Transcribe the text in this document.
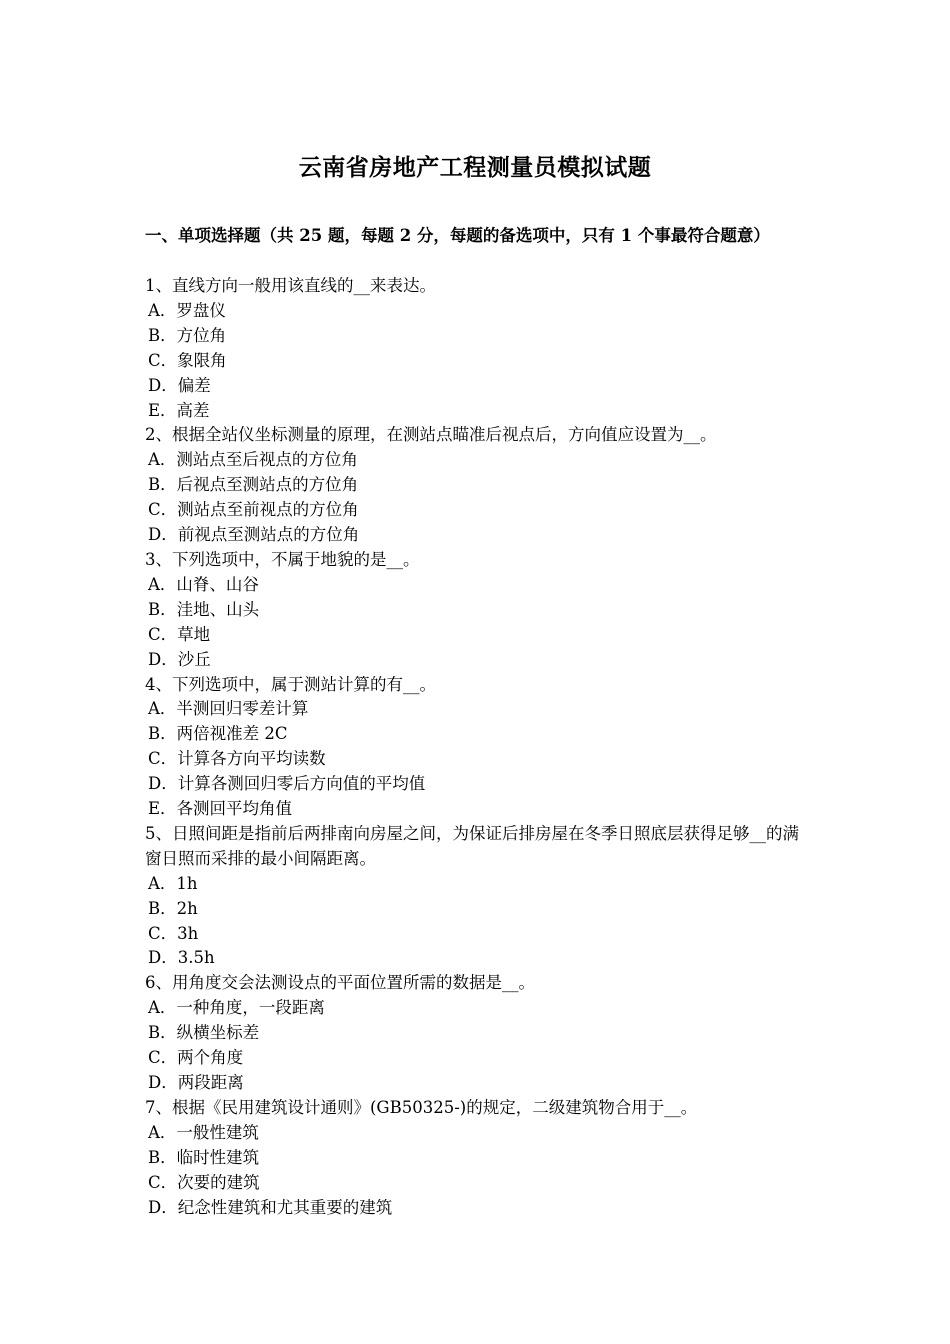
云南省房地产工程测量员模拟试题
一、单项选择题（共 25 题，每题 2 分，每题的备选项中，只有 1 个事最符合题意）

1、直线方向一般用该直线的__来表达。

A．罗盘仪

B．方位角

C．象限角

D．偏差

E．高差

2、根据全站仪坐标测量的原理，在测站点瞄准后视点后，方向值应设置为__。

A．测站点至后视点的方位角

B．后视点至测站点的方位角

C．测站点至前视点的方位角

D．前视点至测站点的方位角

3、下列选项中，不属于地貌的是__。

A．山脊、山谷

B．洼地、山头

C．草地

D．沙丘

4、下列选项中，属于测站计算的有__。

A．半测回归零差计算

B．两倍视准差 2C

C．计算各方向平均读数

D．计算各测回归零后方向值的平均值

E．各测回平均角值

5、日照间距是指前后两排南向房屋之间，为保证后排房屋在冬季日照底层获得足够__的满窗日照而采排的最小间隔距离。

A．1h

B．2h

C．3h

D．3.5h

6、用角度交会法测设点的平面位置所需的数据是__。

A．一种角度，一段距离

B．纵横坐标差

C．两个角度

D．两段距离

7、根据《民用建筑设计通则》(GB50325-)的规定，二级建筑物合用于__。

A．一般性建筑

B．临时性建筑

C．次要的建筑

D．纪念性建筑和尤其重要的建筑
